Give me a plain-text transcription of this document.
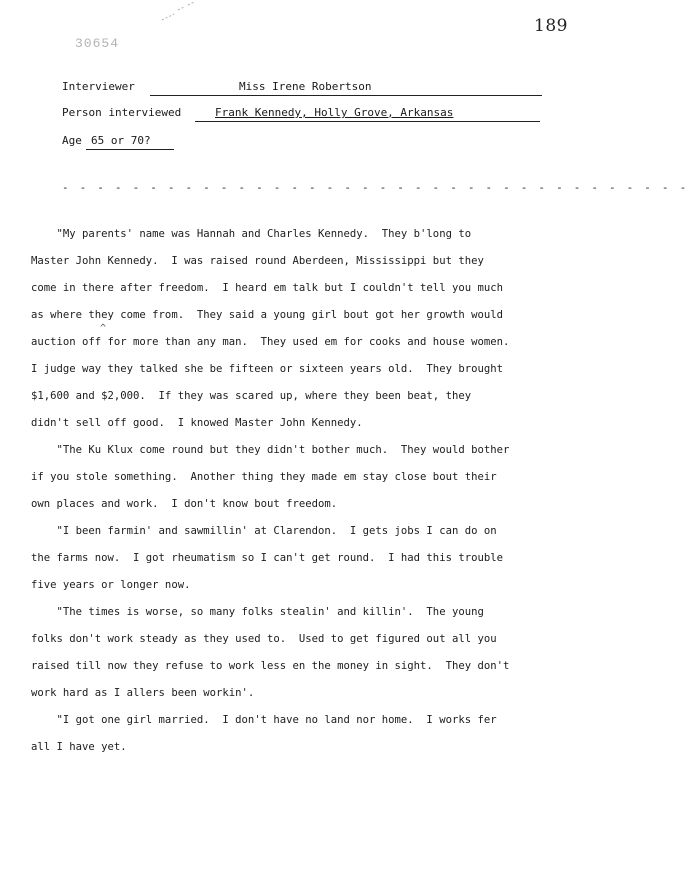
30654
189
Interviewer	Miss Irene Robertson
Person interviewed	Frank Kennedy, Holly Grove, Arkansas
Age 65 or 70?
- - - - - - - - - - - - - - - - - - - - - - - - - - - - - - - - - - - -
"My parents' name was Hannah and Charles Kennedy.  They b'long to
Master John Kennedy.  I was raised round Aberdeen, Mississippi but they
come in there after freedom.  I heard em talk but I couldn't tell you much
as where they come from.  They said a young girl bout got her growth would
auction off for more than any man.  They used em for cooks and house women.
I judge way they talked she be fifteen or sixteen years old.  They brought
$1,600 and $2,000.  If they was scared up, where they been beat, they
didn't sell off good.  I knowed Master John Kennedy.
"The Ku Klux come round but they didn't bother much.  They would bother
if you stole something.  Another thing they made em stay close bout their
own places and work.  I don't know bout freedom.
"I been farmin' and sawmillin' at Clarendon.  I gets jobs I can do on
the farms now.  I got rheumatism so I can't get round.  I had this trouble
five years or longer now.
"The times is worse, so many folks stealin' and killin'.  The young
folks don't work steady as they used to.  Used to get figured out all you
raised till now they refuse to work less en the money in sight.  They don't
work hard as I allers been workin'.
"I got one girl married.  I don't have no land nor home.  I works fer
all I have yet.
^
